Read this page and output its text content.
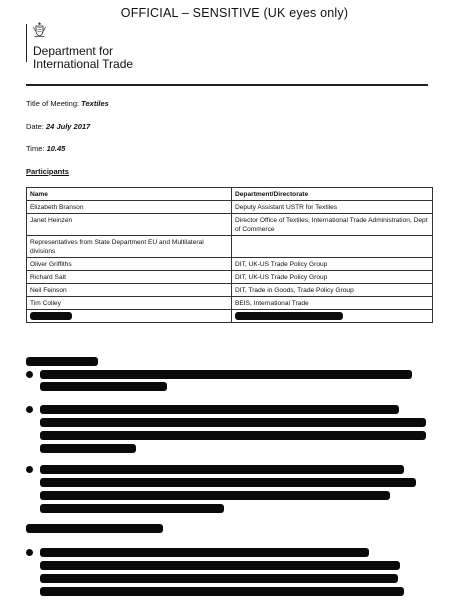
OFFICIAL – SENSITIVE (UK eyes only)
Department for
International Trade
Title of Meeting: Textiles
Date: 24 July 2017
Time: 10.45
Participants
Name	Department/Directorate
Elizabeth Branson	Deputy Assistant USTR for Textiles
Janet Heinzen	Director Office of Textiles, International Trade Administration, Dept of Commerce
Representatives from State Department EU and Multilateral divisions	
Oliver Griffiths	DIT, UK-US Trade Policy Group
Richard Salt	DIT, UK-US Trade Policy Group
Neil Feinson	DIT, Trade in Goods, Trade Policy Group
Tim Colley	BEIS, International Trade
